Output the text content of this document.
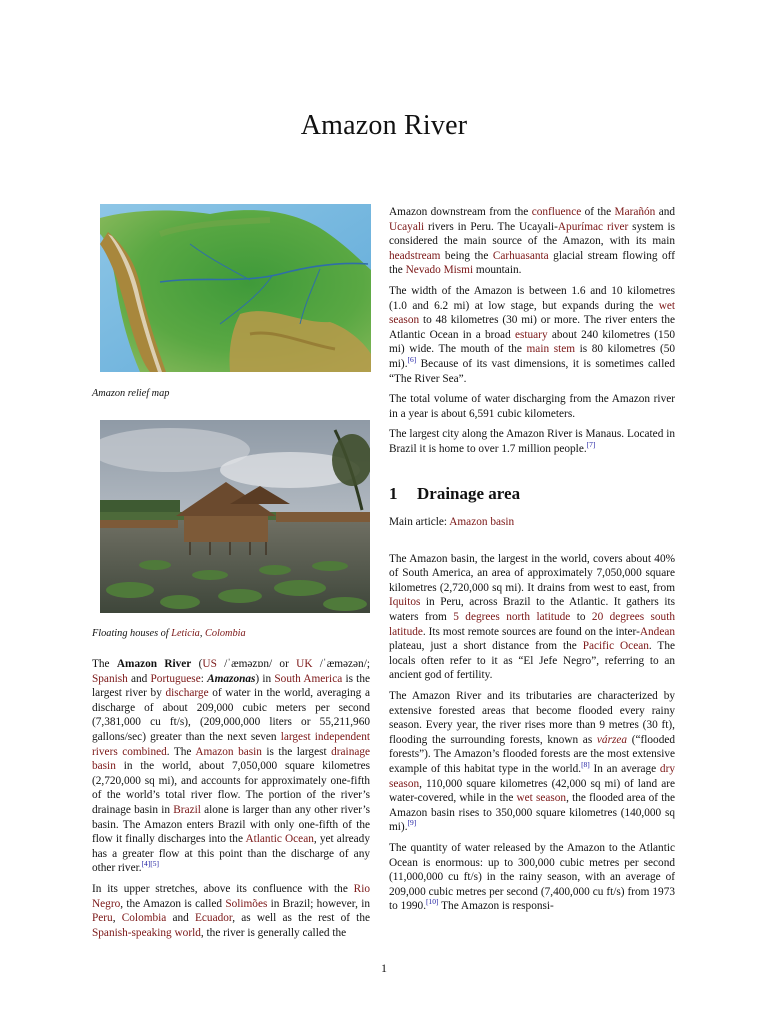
Amazon River
Amazon relief map
Floating houses of Leticia, Colombia

The Amazon River (US /ˈæməzɒn/ or UK /ˈæməzən/; Spanish and Portuguese: Amazonas) in South America is the largest river by discharge of water in the world, averaging a discharge of about 209,000 cubic meters per second (7,381,000 cu ft/s), (209,000,000 liters or 55,211,960 gallons/sec) greater than the next seven largest independent rivers combined. The Amazon basin is the largest drainage basin in the world, about 7,050,000 square kilometres (2,720,000 sq mi), and accounts for approximately one-fifth of the world’s total river flow. The portion of the river’s drainage basin in Brazil alone is larger than any other river’s basin. The Amazon enters Brazil with only one-fifth of the flow it finally discharges into the Atlantic Ocean, yet already has a greater flow at this point than the discharge of any other river.[4][5]

In its upper stretches, above its confluence with the Rio Negro, the Amazon is called Solimões in Brazil; however, in Peru, Colombia and Ecuador, as well as the rest of the Spanish-speaking world, the river is generally called the

Amazon downstream from the confluence of the Marañón and Ucayali rivers in Peru. The Ucayali-Apurímac river system is considered the main source of the Amazon, with its main headstream being the Carhuasanta glacial stream flowing off the Nevado Mismi mountain.

The width of the Amazon is between 1.6 and 10 kilometres (1.0 and 6.2 mi) at low stage, but expands during the wet season to 48 kilometres (30 mi) or more. The river enters the Atlantic Ocean in a broad estuary about 240 kilometres (150 mi) wide. The mouth of the main stem is 80 kilometres (50 mi).[6] Because of its vast dimensions, it is sometimes called “The River Sea”.

The total volume of water discharging from the Amazon river in a year is about 6,591 cubic kilometers.

The largest city along the Amazon River is Manaus. Located in Brazil it is home to over 1.7 million people.[7]

1 Drainage area

Main article: Amazon basin

The Amazon basin, the largest in the world, covers about 40% of South America, an area of approximately 7,050,000 square kilometres (2,720,000 sq mi). It drains from west to east, from Iquitos in Peru, across Brazil to the Atlantic. It gathers its waters from 5 degrees north latitude to 20 degrees south latitude. Its most remote sources are found on the inter-Andean plateau, just a short distance from the Pacific Ocean. The locals often refer to it as “El Jefe Negro”, referring to an ancient god of fertility.

The Amazon River and its tributaries are characterized by extensive forested areas that become flooded every rainy season. Every year, the river rises more than 9 metres (30 ft), flooding the surrounding forests, known as várzea (“flooded forests”). The Amazon’s flooded forests are the most extensive example of this habitat type in the world.[8] In an average dry season, 110,000 square kilometres (42,000 sq mi) of land are water-covered, while in the wet season, the flooded area of the Amazon basin rises to 350,000 square kilometres (140,000 sq mi).[9]

The quantity of water released by the Amazon to the Atlantic Ocean is enormous: up to 300,000 cubic metres per second (11,000,000 cu ft/s) in the rainy season, with an average of 209,000 cubic metres per second (7,400,000 cu ft/s) from 1973 to 1990.[10] The Amazon is responsi-

1
